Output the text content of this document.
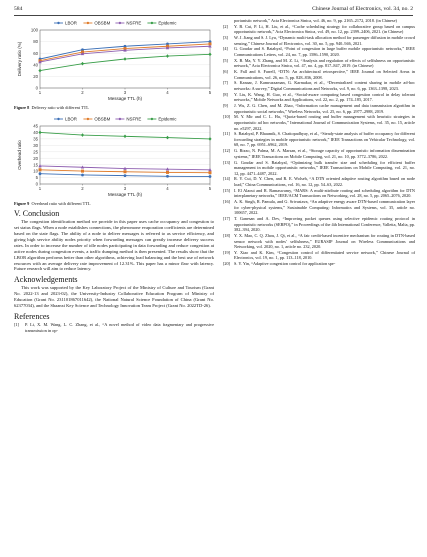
584	Chinese Journal of Electronics, vol. 34, no. 2
0
20
40
60
80
100
1	2	3	4	5
Message TTL (h)
Delivery ratio (%)
LBOR	OBSBM	NSFRE	Epidemic
Figure 8 Delivery ratio with different TTL
0
5
10
15
20
25
30
35
40
45
1	2	3	4	5
Message TTL (h)
Overhead ratio
LBOR	OBSBM	NSFRE	Epidemic
Figure 9 Overhead ratio with different TTL
V. Conclusion

The congestion identification method we provide in this paper uses cache occupancy and congestion to set status flags. When a node establishes connections, the pheromone evaporation coefficients are determined based on the state flags. The ability of a node to deliver messages is referred to as service efficiency, and giving high service ability nodes priority when forwarding messages can greatly increase delivery success rates. In order to increase the number of idle nodes participating in data forwarding and reduce congestion at active nodes during congestion events, a traffic dumping method is then presented. The results show that the LBOR algorithm performs better than other algorithms, achieving load balancing and the best use of network resources with an average delivery rate improvement of 12.31%. This paper has a minor flaw with latency. Future research will aim to reduce latency.

Acknowledgements

This work was supported by the Key Laboratory Project of the Ministry of Culture and Tourism (Grant No. 2022-13 and 2023-02), the University-Industry Collaborative Education Program of Ministry of Education (Grant No. 231101867011642), the National Natural Science Foundation of China (Grant No. 62377034), and the Shaanxi Key Science and Technology Innovation Team Project (Grant No. 2022TD-26).

References
[1]	P. Li, X. M. Wang, L. C. Zhang, et al., “A novel method of video data fragmentary and progressive transmission in op-
portunistic network,” Acta Electronica Sinica, vol. 46, no. 9, pp. 2165–2172, 2018. (in Chinese)
[2]	Y. B. Cui, P. Li, H. Liu, et al., “Cache scheduling strategy for collaborative group based on campus opportunistic network,” Acta Electronica Sinica, vol. 49, no. 12, pp. 2399–2406, 2021. (in Chinese)
[3]	W. J. Jiang and S. J. Lyu, “Dynamic multi-task allocation method for passenger diffusion in mobile crowd sensing,” Chinese Journal of Electronics, vol. 30, no. 5, pp. 940–946, 2021.
[4]	G. Goudar and S. Batabyal, “Point of congestion in large buffer mobile opportunistic networks,” IEEE Communications Letters, vol. 24, no. 7, pp. 1586–1590, 2020.
[5]	X. B. Ma, Y. Y. Zhang, and M. Z. Li, “Analysis and regulation of effects of selfishness on opportunistic network,” Acta Electronica Sinica, vol. 47, no. 4, pp. 817–847, 2019. (in Chinese)
[6]	K. Fall and S. Farrell, “DTN: An architectural retrospective,” IEEE Journal on Selected Areas in Communications, vol. 26, no. 5, pp. 828–836, 2008.
[7]	S. Kanaar, J. Kamruzzaman, G. Karmakar, et al., “Decentralized content sharing in mobile ad-hoc networks: A survey,” Digital Communications and Networks, vol. 9, no. 6, pp. 1363–1398, 2023.
[8]	Y. Liu, K. Wang, H. Guo, et al., “Social-aware computing based congestion control in delay tolerant networks,” Mobile Networks and Applications, vol. 22, no. 2, pp. 174–185, 2017.
[9]	J. Wu, Z. G. Chen, and M. Zhao, “Information cache management and data transmission algorithm in opportunistic social networks,” Wireless Networks, vol. 25, no. 6, pp. 2977–2988, 2019.
[10] M. Y. Mir and C. L. Hu, “Quota-based routing and buffer management with heuristic strategies in opportunistic ad hoc networks,” International Journal of Communication Systems, vol. 35, no. 15, article no. e5297, 2022.
[11] S. Batabyal, P. Bhaumik, S. Chattopadhyay, et al., “Steady-state analysis of buffer occupancy for different forwarding strategies in mobile opportunistic network,” IEEE Transactions on Vehicular Technology, vol. 68, no. 7, pp. 6951–6962, 2019.
[12] G. Rizzo, N. Palma, M. A. Marsan, et al., “Storage capacity of opportunistic information dissemination systems,” IEEE Transactions on Mobile Computing, vol. 21, no. 10, pp. 3772–3786, 2022.
[13] G. Goudar and S. Batabyal, “Optimizing bulk transfer size and scheduling for efficient buffer management in mobile opportunistic networks,” IEEE Transactions on Mobile Computing, vol. 21, no. 12, pp. 4471–4487, 2022.
[14] R. Y. Cui, D. Y. Chen, and R. E. Wolseh, “A DTN oriented adaptive routing algorithm based on node load,” China Communications, vol. 16, no. 12, pp. 54–63, 2022.
[15] I. El Alaoui and R. Ramaswamy, “MARS: A multi-attribute routing and scheduling algorithm for DTN interplanetary networks,” IEEE/ACM Transactions on Networking, vol. 28, no. 5, pp. 2065–2076, 2020.
[16] A. K. Singh, R. Pamula, and G. Srivastava, “An adaptive energy aware DTN-based communication layer for cyber-physical systems,” Sustainable Computing: Informatics and Systems, vol. 35, article no. 100657, 2022.
[17] T. Ganesan and A. Dev, “Improving packet queues using selective epidemic routing protocol in opportunistic networks (SERPO),” in Proceedings of the 4th International Conference, Valletta, Malta, pp. 382–394, 2020.
[18] Y. X. Mao, C. Q. Zhou, J. Qi, et al., “A fair credit-based incentive mechanism for routing in DTN-based sensor network with nodes’ selfishness,” EURASIP Journal on Wireless Communications and Networking, vol. 2020, no. 1, article no. 232, 2020.
[19] Y. Xiao and K. Kim, “Congestion control of differentiated service network,” Chinese Journal of Electronics, vol. 19, no. 1, pp. 113–118, 2010.
[20] S. Y. Yin, “Adaptive congestion control for application spe-
